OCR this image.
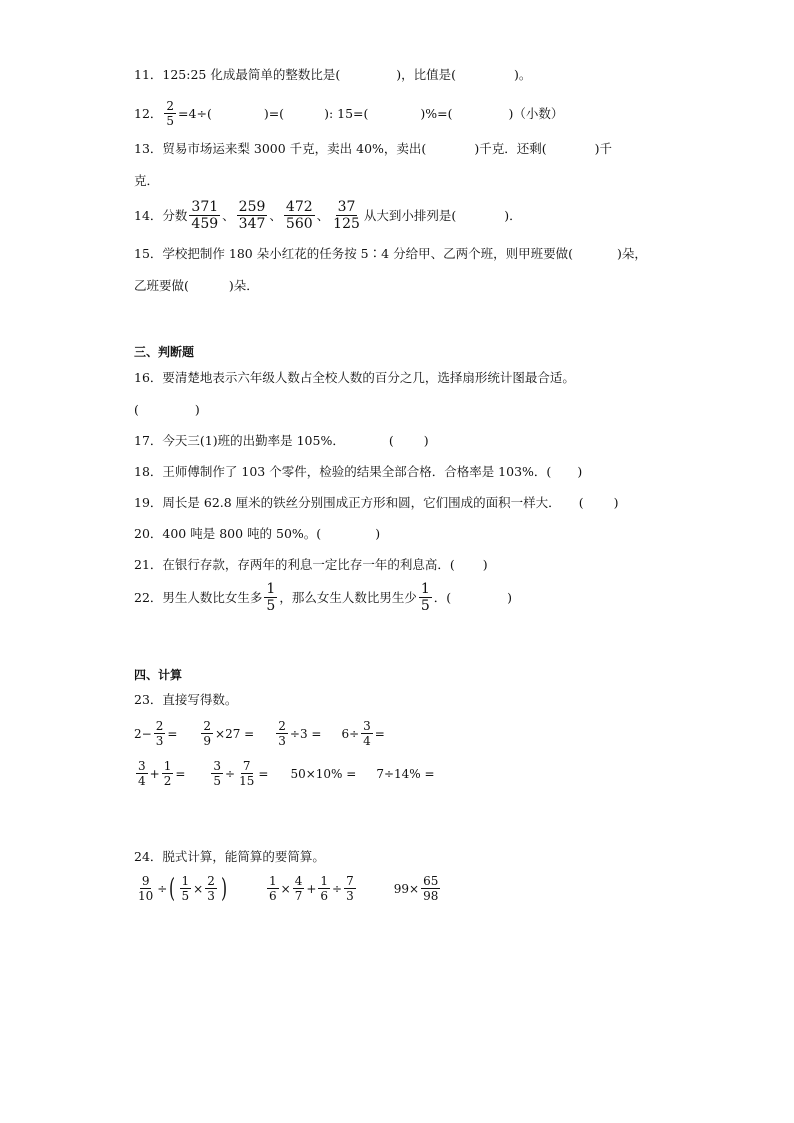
11．125:25 化成最简单的整数比是(	)，比值是(	)。
12． $\frac{2}{5} =4\div$(	)=(	): 15=(	)%=(	)（小数）
13．贸易市场运来梨 3000 千克，卖出 40%，卖出(	)千克．还剩(	)千
克．
14．分数 $\frac{371}{459}$ 、 $\frac{259}{347}$ 、 $\frac{472}{560}$ 、 $\frac{37}{125}$ 从大到小排列是(	)．
15．学校把制作 180 朵小红花的任务按 5∶4 分给甲、乙两个班，则甲班要做(	)朵，
乙班要做(	)朵．
三、判断题
16．要清楚地表示六年级人数占全校人数的百分之几，选择扇形统计图最合适。
(	)
17．今天三(1)班的出勤率是 105%．	( )
18．王师傅制作了 103 个零件，检验的结果全部合格．合格率是 103%．( )
19．周长是 62.8 厘米的铁丝分别围成正方形和圆，它们围成的面积一样大． ( )
20．400 吨是 800 吨的 50%。(	)
21．在银行存款，存两年的利息一定比存一年的利息高．( )
22．男生人数比女生多 $\frac{1}{5}$ ，那么女生人数比男生少 $\frac{1}{5}$ ．(	)
四、计算
23．直接写得数。
$2- \frac{2}{3} = \frac{2}{9} \times 27 = \frac{2}{3} \div 3 = 6\div \frac{3}{4}$ =
$\frac{3}{4} + \frac{1}{2} = \frac{3}{5} \div \frac{7}{15} = 50\times 10\% = 7\div 14\%$ =
24．脱式计算，能简算的要简算。
$\frac{9}{10}$ ÷ ( $\frac{1}{5} \times \frac{2}{3}$ )	$\frac{1}{6} \times \frac{4}{7} + \frac{1}{6} \div \frac{7}{3}$	$99\times \frac{65}{98}$
